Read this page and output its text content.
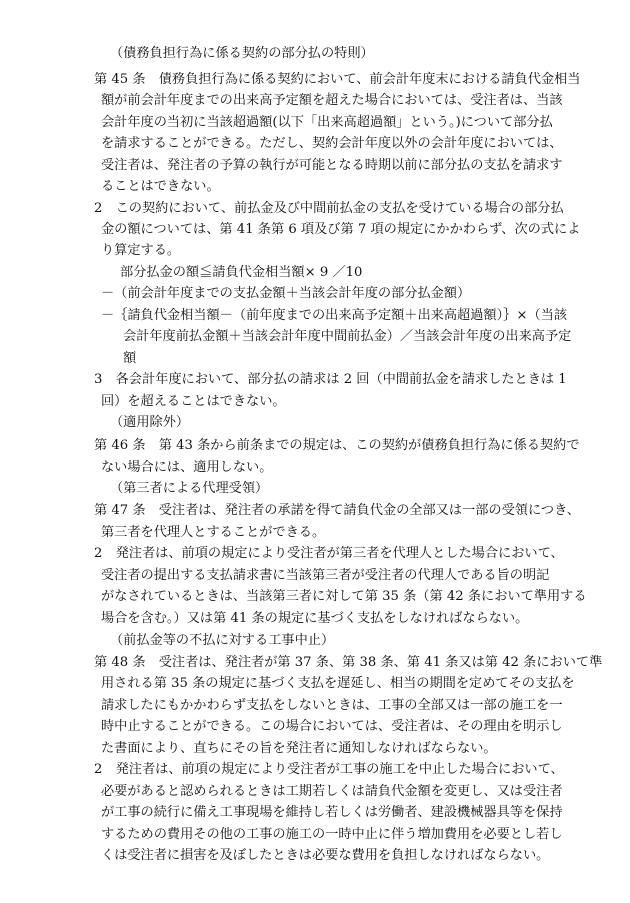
（債務負担行為に係る契約の部分払の特則）

第 45 条　債務負担行為に係る契約において、前会計年度末における請負代金相当

額が前会計年度までの出来高予定額を超えた場合においては、受注者は、当該

会計年度の当初に当該超過額(以下「出来高超過額」という。)について部分払

を請求することができる。ただし、契約会計年度以外の会計年度においては、

受注者は、発注者の予算の執行が可能となる時期以前に部分払の支払を請求す

ることはできない。

2　この契約において、前払金及び中間前払金の支払を受けている場合の部分払

金の額については、第 41 条第 6 項及び第 7 項の規定にかかわらず、次の式によ

り算定する。

部分払金の額≦請負代金相当額× 9 ／10

－（前会計年度までの支払金額＋当該会計年度の部分払金額）

－｛請負代金相当額－（前年度までの出来高予定額＋出来高超過額）｝×（当該

会計年度前払金額＋当該会計年度中間前払金）／当該会計年度の出来高予定

額

3　各会計年度において、部分払の請求は 2 回（中間前払金を請求したときは 1

回）を超えることはできない。

（適用除外）

第 46 条　第 43 条から前条までの規定は、この契約が債務負担行為に係る契約で

ない場合には、適用しない。

（第三者による代理受領）

第 47 条　受注者は、発注者の承諾を得て請負代金の全部又は一部の受領につき、

第三者を代理人とすることができる。

2　発注者は、前項の規定により受注者が第三者を代理人とした場合において、

受注者の提出する支払請求書に当該第三者が受注者の代理人である旨の明記

がなされているときは、当該第三者に対して第 35 条（第 42 条において準用する

場合を含む。）又は第 41 条の規定に基づく支払をしなければならない。

（前払金等の不払に対する工事中止）

第 48 条　受注者は、発注者が第 37 条、第 38 条、第 41 条又は第 42 条において準

用される第 35 条の規定に基づく支払を遅延し、相当の期間を定めてその支払を

請求したにもかかわらず支払をしないときは、工事の全部又は一部の施工を一

時中止することができる。この場合においては、受注者は、その理由を明示し

た書面により、直ちにその旨を発注者に通知しなければならない。

2　発注者は、前項の規定により受注者が工事の施工を中止した場合において、

必要があると認められるときは工期若しくは請負代金額を変更し、又は受注者

が工事の続行に備え工事現場を維持し若しくは労働者、建設機械器具等を保持

するための費用その他の工事の施工の一時中止に伴う増加費用を必要とし若し

くは受注者に損害を及ぼしたときは必要な費用を負担しなければならない。
